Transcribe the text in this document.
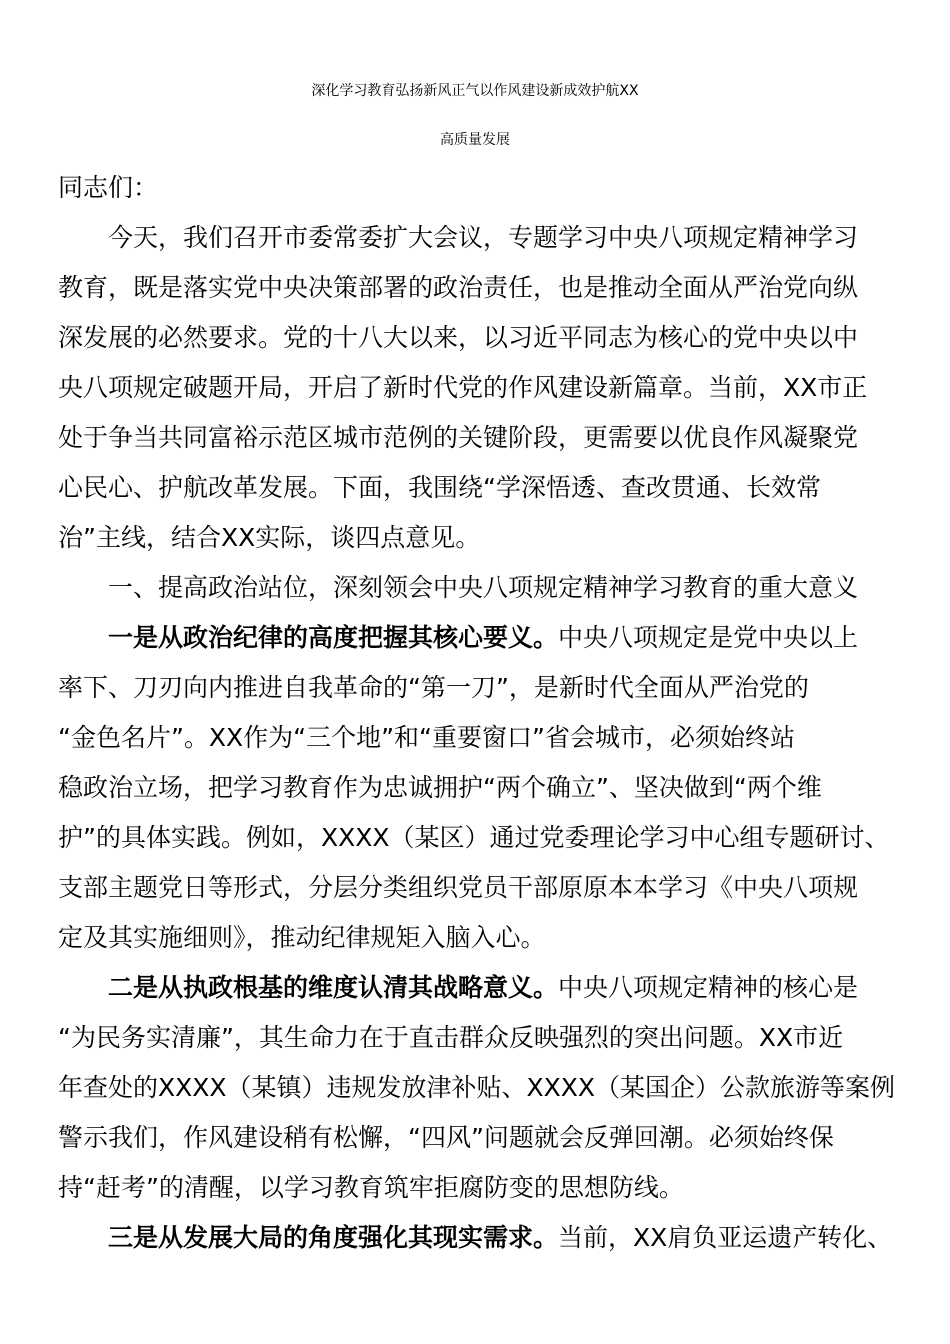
深化学习教育弘扬新风正气以作风建设新成效护航XX
高质量发展
同志们：
今天，我们召开市委常委扩大会议，专题学习中央八项规定精神学习
教育，既是落实党中央决策部署的政治责任，也是推动全面从严治党向纵
深发展的必然要求。党的十八大以来，以习近平同志为核心的党中央以中
央八项规定破题开局，开启了新时代党的作风建设新篇章。当前，XX市正
处于争当共同富裕示范区城市范例的关键阶段，更需要以优良作风凝聚党
心民心、护航改革发展。下面，我围绕“学深悟透、查改贯通、长效常
治”主线，结合XX实际，谈四点意见。
一、提高政治站位，深刻领会中央八项规定精神学习教育的重大意义
一是从政治纪律的高度把握其核心要义。中央八项规定是党中央以上
率下、刀刃向内推进自我革命的“第一刀”，是新时代全面从严治党的
“金色名片”。XX作为“三个地”和“重要窗口”省会城市，必须始终站
稳政治立场，把学习教育作为忠诚拥护“两个确立”、坚决做到“两个维
护”的具体实践。例如，XXXX（某区）通过党委理论学习中心组专题研讨、
支部主题党日等形式，分层分类组织党员干部原原本本学习《中央八项规
定及其实施细则》，推动纪律规矩入脑入心。
二是从执政根基的维度认清其战略意义。中央八项规定精神的核心是
“为民务实清廉”，其生命力在于直击群众反映强烈的突出问题。XX市近
年查处的XXXX（某镇）违规发放津补贴、XXXX（某国企）公款旅游等案例
警示我们，作风建设稍有松懈，“四风”问题就会反弹回潮。必须始终保
持“赶考”的清醒，以学习教育筑牢拒腐防变的思想防线。
三是从发展大局的角度强化其现实需求。当前，XX肩负亚运遗产转化、
